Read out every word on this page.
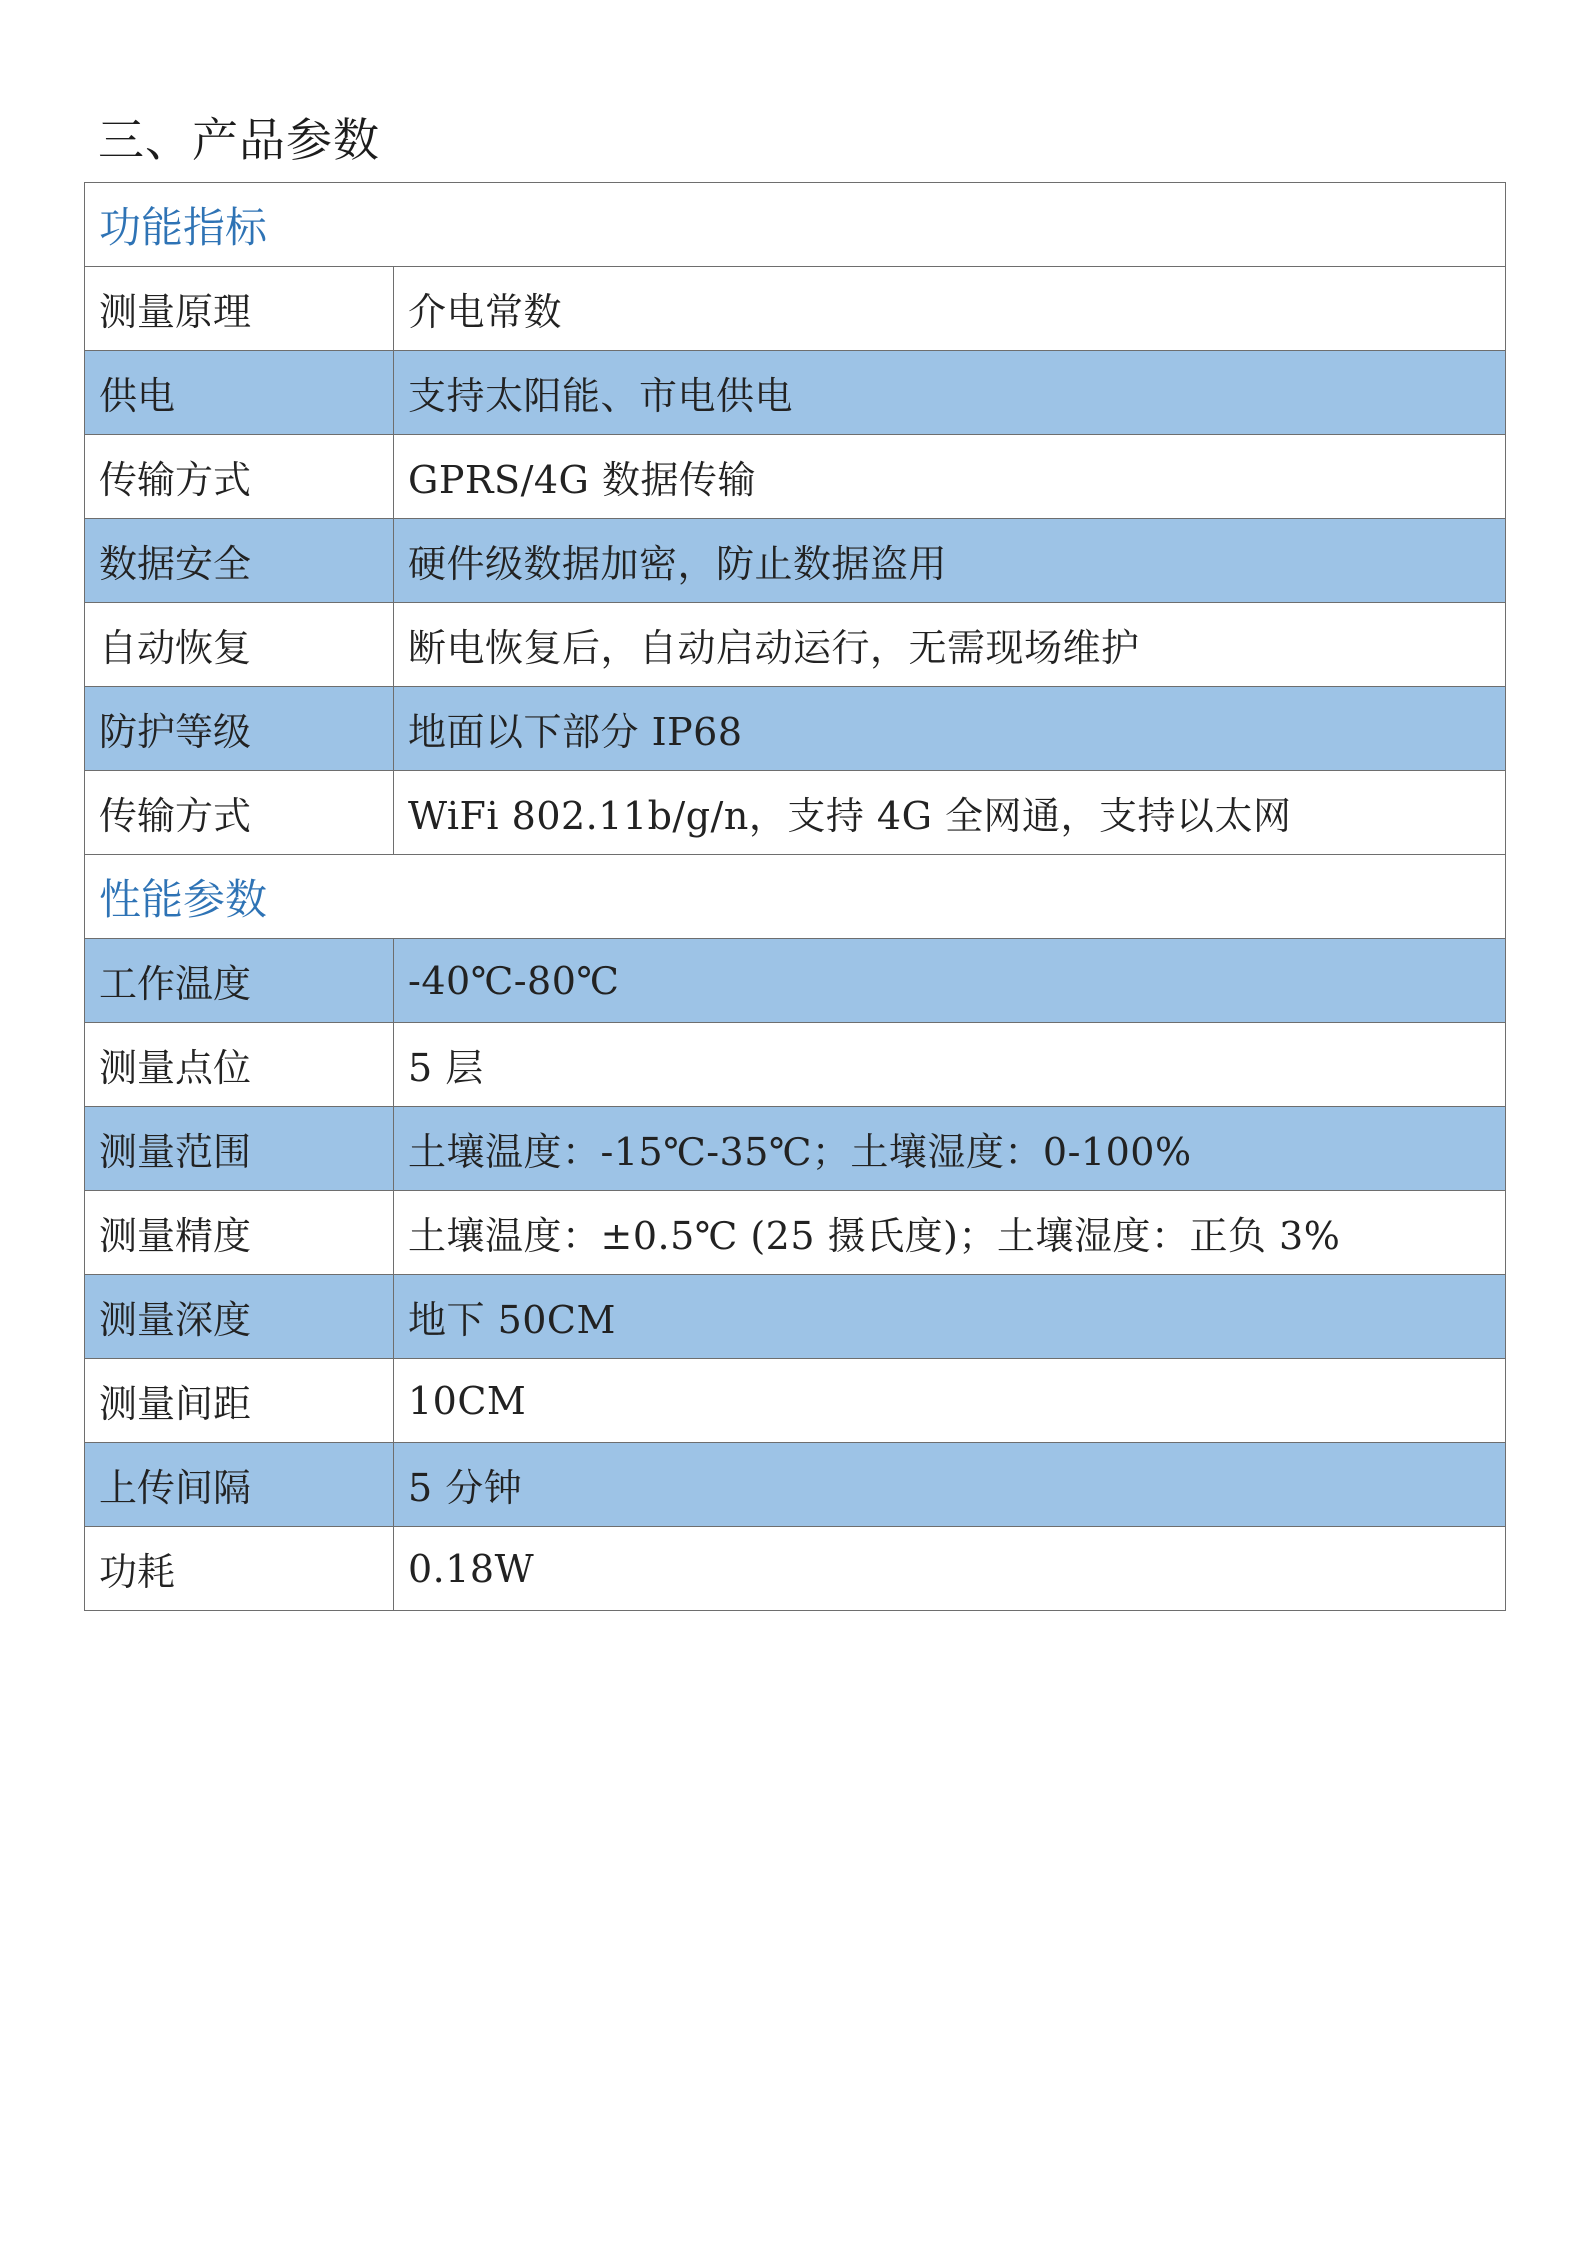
三、产品参数
功能指标	
测量原理	介电常数
供电	支持太阳能、市电供电
传输方式	GPRS/4G 数据传输
数据安全	硬件级数据加密，防止数据盗用
自动恢复	断电恢复后，自动启动运行，无需现场维护
防护等级	地面以下部分 IP68
传输方式	WiFi 802.11b/g/n，支持 4G 全网通，支持以太网
性能参数	
工作温度	-40℃-80℃
测量点位	5 层
测量范围	土壤温度：-15℃-35℃；土壤湿度：0-100%
测量精度	土壤温度：±0.5℃ (25 摄氏度)；土壤湿度：正负 3%
测量深度	地下 50CM
测量间距	10CM
上传间隔	5 分钟
功耗	0.18W
